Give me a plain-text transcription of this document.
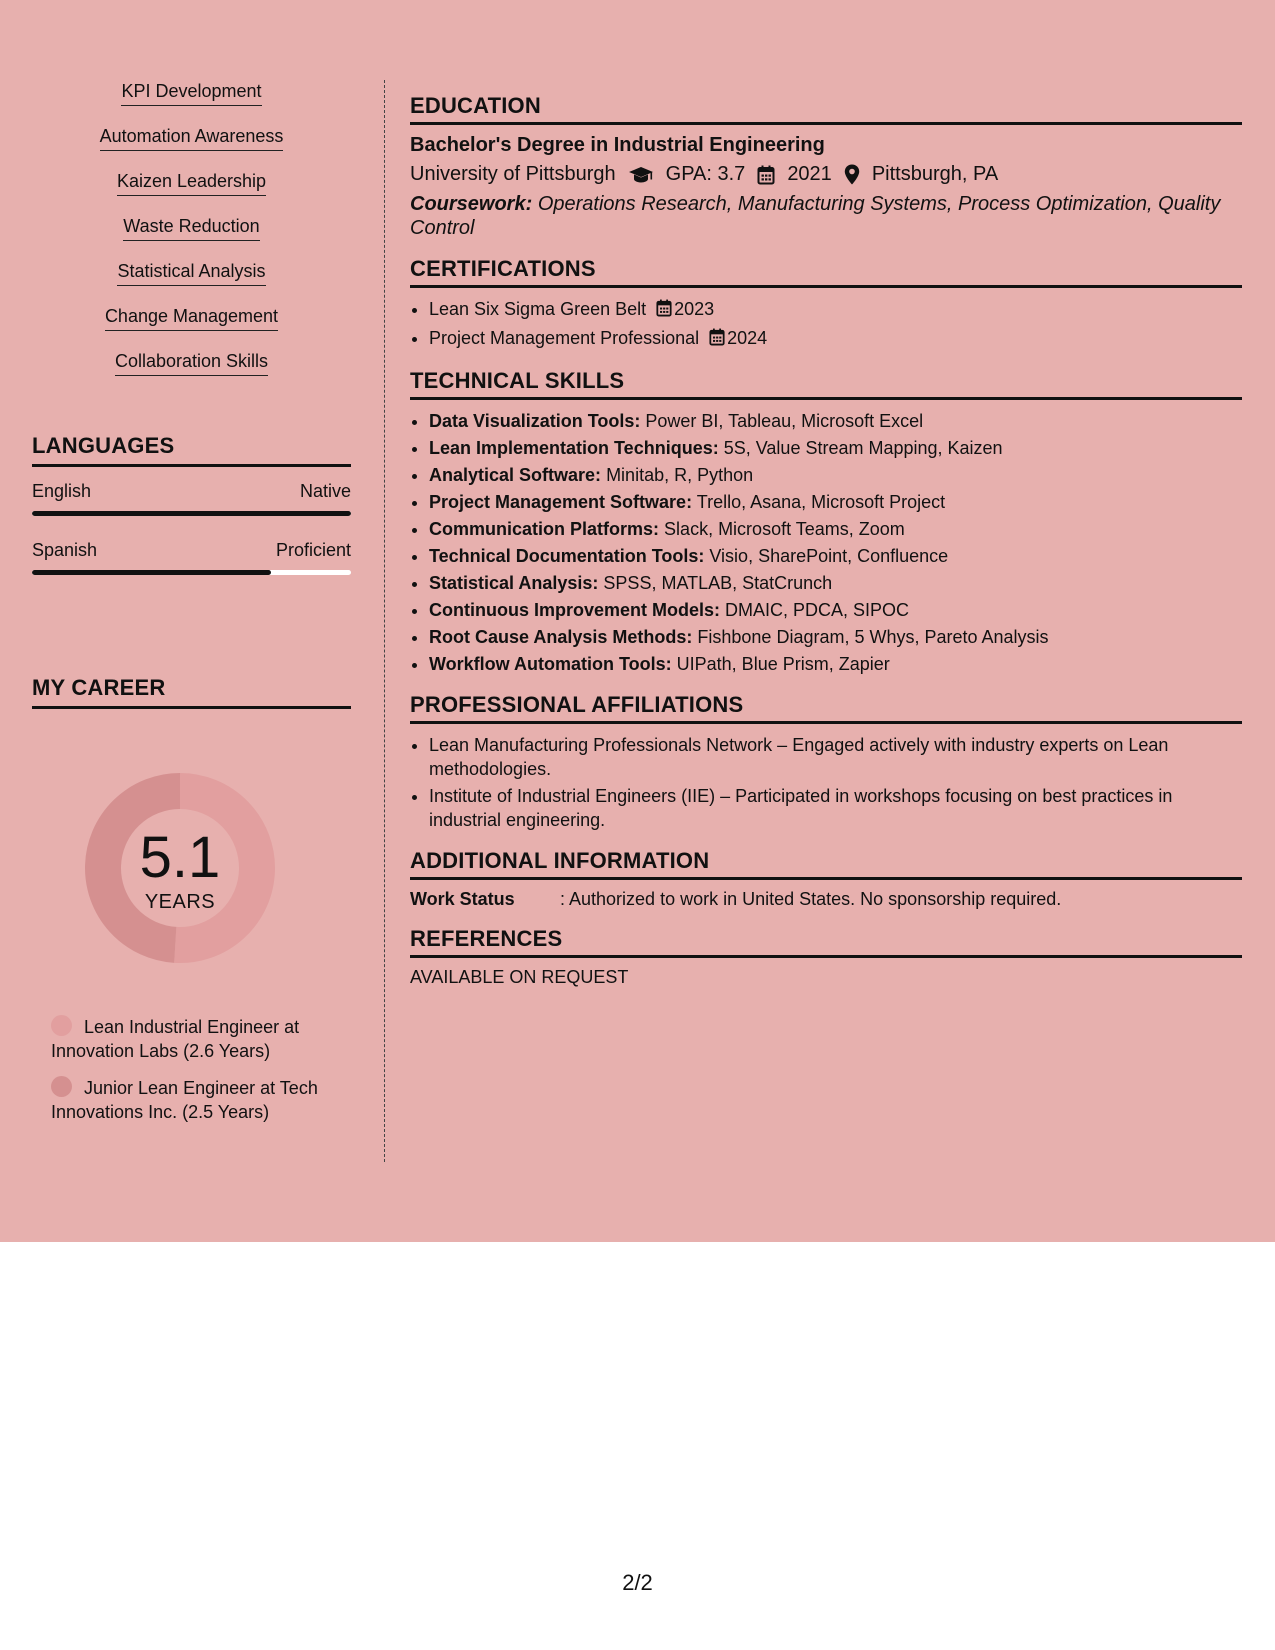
KPI Development
Automation Awareness
Kaizen Leadership
Waste Reduction
Statistical Analysis
Change Management
Collaboration Skills
LANGUAGES
English	Native
Spanish	Proficient
MY CAREER
5.1
YEARS
Lean Industrial Engineer at Innovation Labs (2.6 Years)
Junior Lean Engineer at Tech Innovations Inc. (2.5 Years)
EDUCATION
Bachelor's Degree in Industrial Engineering
University of Pittsburgh	GPA: 3.7 2021 Pittsburgh, PA
Coursework: Operations Research, Manufacturing Systems, Process Optimization, Quality Control
CERTIFICATIONS
• Lean Six Sigma Green Belt 2023
• Project Management Professional 2024
TECHNICAL SKILLS
• Data Visualization Tools: Power BI, Tableau, Microsoft Excel
• Lean Implementation Techniques: 5S, Value Stream Mapping, Kaizen
• Analytical Software: Minitab, R, Python
• Project Management Software: Trello, Asana, Microsoft Project
• Communication Platforms: Slack, Microsoft Teams, Zoom
• Technical Documentation Tools: Visio, SharePoint, Confluence
• Statistical Analysis: SPSS, MATLAB, StatCrunch
• Continuous Improvement Models: DMAIC, PDCA, SIPOC
• Root Cause Analysis Methods: Fishbone Diagram, 5 Whys, Pareto Analysis
• Workflow Automation Tools: UIPath, Blue Prism, Zapier
PROFESSIONAL AFFILIATIONS
• Lean Manufacturing Professionals Network – Engaged actively with industry experts on Lean methodologies.
• Institute of Industrial Engineers (IIE) – Participated in workshops focusing on best practices in industrial engineering.
ADDITIONAL INFORMATION
Work Status	: Authorized to work in United States. No sponsorship required.
REFERENCES
AVAILABLE ON REQUEST
2/2
